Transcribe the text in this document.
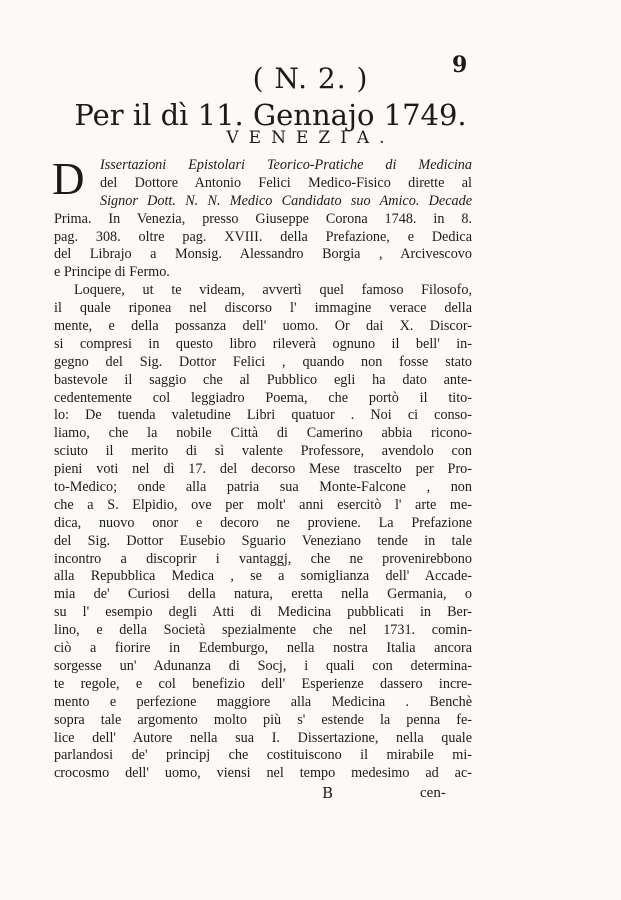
9
( N. 2. )
Per il dì 11. Gennajo 1749.
VENEZIA.
D	Issertazioni Epistolari Teorico-Pratiche di Medicina
del Dottore Antonio Felici Medico-Fisico dirette al
Signor Dott. N. N. Medico Candidato suo Amico. Decade
Prima. In Venezia, presso Giuseppe Corona 1748. in 8.
pag. 308. oltre pag. XVIII. della Prefazione, e Dedica
del Librajo a Monsig. Alessandro Borgia , Arcivescovo
e Principe di Fermo.
Loquere, ut te videam, avvertì quel famoso Filosofo,
il quale riponea nel discorso l' immagine verace della
mente, e della possanza dell' uomo. Or dai X. Discor-
si compresi in questo libro rileverà ognuno il bell' in-
gegno del Sig. Dottor Felici , quando non fosse stato
bastevole il saggio che al Pubblico egli ha dato ante-
cedentemente col leggiadro Poema, che portò il tito-
lo: De tuenda valetudine Libri quatuor . Noi ci conso-
liamo, che la nobile Città di Camerino abbia ricono-
sciuto il merito di sì valente Professore, avendolo con
pieni voti nel dì 17. del decorso Mese trascelto per Pro-
to-Medico; onde alla patria sua Monte-Falcone , non
che a S. Elpidio, ove per molt' anni esercitò l' arte me-
dica, nuovo onor e decoro ne proviene. La Prefazione
del Sig. Dottor Eusebio Sguario Veneziano tende in tale
incontro a discoprir i vantaggj, che ne provenirebbono
alla Repubblica Medica , se a somiglianza dell' Accade-
mia de' Curiosi della natura, eretta nella Germania, o
su l' esempio degli Atti di Medicina pubblicati in Ber-
lino, e della Società spezialmente che nel 1731. comin-
ciò a fiorire in Edemburgo, nella nostra Italia ancora
sorgesse un' Adunanza di Socj, i quali con determina-
te regole, e col benefizio dell' Esperienze dassero incre-
mento e perfezione maggiore alla Medicina . Benchè
sopra tale argomento molto più s' estende la penna fe-
lice dell' Autore nella sua I. Dissertazione, nella quale
parlandosi de' principj che costituiscono il mirabile mi-
crocosmo dell' uomo, viensi nel tempo medesimo ad ac-
B	cen-
